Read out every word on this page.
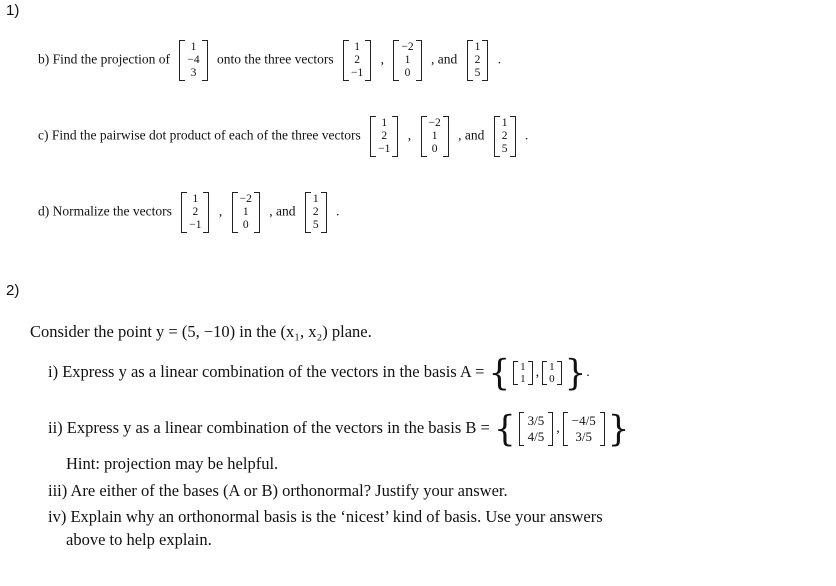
1)
b) Find the projection of
1
−4
3
onto the three vectors
1
2
−1
,
−2
1
0
, and
1
2
5
.
c) Find the pairwise dot product of each of the three vectors
1
2
−1
,
−2
1
0
, and
1
2
5
.
d) Normalize the vectors
1
2
−1
,
−2
1
0
, and
1
2
5
.
2)
Consider the point y = (5, −10) in the (x₁, x₂) plane.
i) Express y as a linear combination of the vectors in the basis A = { 1
1 , 1
0 } .
ii) Express y as a linear combination of the vectors in the basis B = { 3/5
4/5
,
−4/5
3/5 }
Hint: projection may be helpful.
iii) Are either of the bases (A or B) orthonormal? Justify your answer.
iv) Explain why an orthonormal basis is the ‘nicest’ kind of basis. Use your answers
above to help explain.
